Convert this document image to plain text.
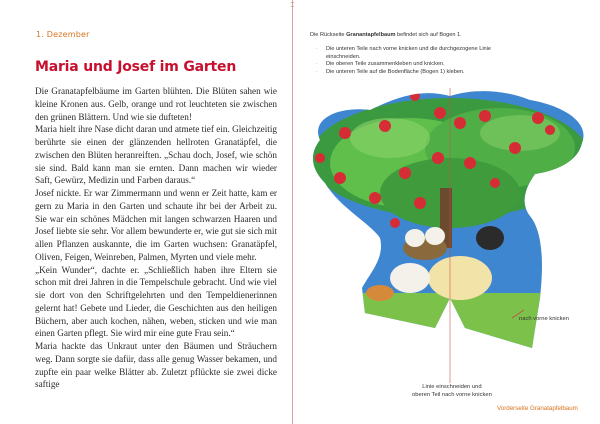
1. Dezember
Maria und Josef im Garten

Die Granatapfelbäume im Garten blühten. Die Blüten sahen wie kleine Kronen aus. Gelb, orange und rot leuchteten sie zwischen den grünen Blättern. Und wie sie dufteten!

Maria hielt ihre Nase dicht daran und atmete tief ein. Gleichzeitig berührte sie einen der glänzenden hellroten Granatäpfel, die zwischen den Blüten heranreiften. „Schau doch, Josef, wie schön sie sind. Bald kann man sie ernten. Dann machen wir wieder Saft, Gewürz, Medizin und Farben daraus.“

Josef nickte. Er war Zimmermann und wenn er Zeit hatte, kam er gern zu Maria in den Garten und schaute ihr bei der Arbeit zu. Sie war ein schönes Mädchen mit langen schwarzen Haaren und Josef liebte sie sehr. Vor allem bewunderte er, wie gut sie sich mit allen Pflanzen auskannte, die im Garten wuchsen: Granatäpfel, Oliven, Feigen, Weinreben, Palmen, Myrten und viele mehr.

„Kein Wunder“, dachte er. „Schließlich haben ihre Eltern sie schon mit drei Jahren in die Tempelschule gebracht. Und wie viel sie dort von den Schriftgelehrten und den Tempeldienerinnen gelernt hat! Gebete und Lieder, die Geschichten aus den heiligen Büchern, aber auch kochen, nähen, weben, sticken und wie man einen Garten pflegt. Sie wird mir eine gute Frau sein.“

Maria hackte das Unkraut unter den Bäumen und Sträuchern weg. Dann sorgte sie dafür, dass alle genug Wasser bekamen, und zupfte ein paar welke Blätter ab. Zuletzt pflückte sie zwei dicke saftige

⌶
Die Rückseite Granantapfelbaum befindet sich auf Bogen 1.
· Die unteren Teile nach vorne knicken und die durchgezogene Linie einschneiden.
· Die oberen Teile zusammenkleben und knicken.
· Die unteren Teile auf die Bodenfläche (Bogen 1) kleben.
nach vorne knicken
Linie einschneiden und
oberen Teil nach vorne knicken
Vorderseite Granatapfelbaum
